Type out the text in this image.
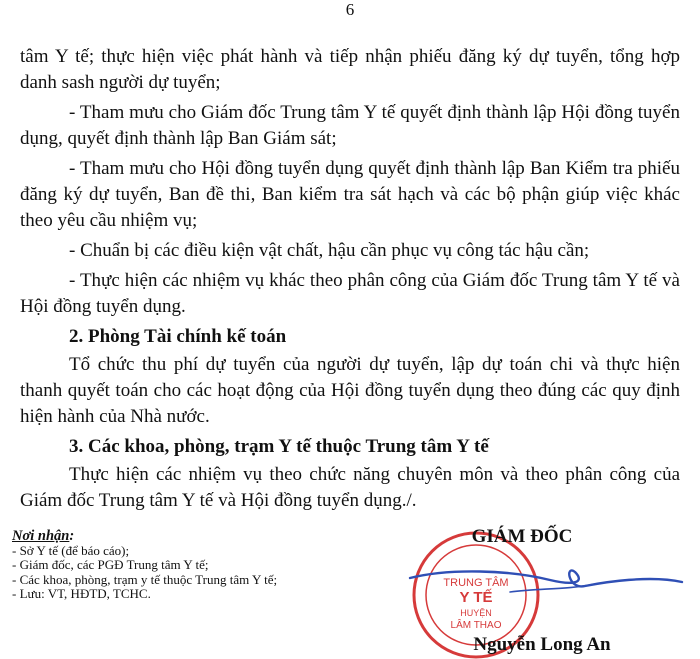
6

tâm Y tế; thực hiện việc phát hành và tiếp nhận phiếu đăng ký dự tuyển, tổng hợp danh sash người dự tuyển;

- Tham mưu cho Giám đốc Trung tâm Y tế quyết định thành lập Hội đồng tuyển dụng, quyết định thành lập Ban Giám sát;

- Tham mưu cho Hội đồng tuyển dụng quyết định thành lập Ban Kiểm tra phiếu đăng ký dự tuyển, Ban đề thi, Ban kiểm tra sát hạch và các bộ phận giúp việc khác theo yêu cầu nhiệm vụ;

- Chuẩn bị các điều kiện vật chất, hậu cần phục vụ công tác hậu cần;

- Thực hiện các nhiệm vụ khác theo phân công của Giám đốc Trung tâm Y tế và Hội đồng tuyển dụng.

2. Phòng Tài chính kế toán

Tổ chức thu phí dự tuyển của người dự tuyển, lập dự toán chi và thực hiện thanh quyết toán cho các hoạt động của Hội đồng tuyển dụng theo đúng các quy định hiện hành của Nhà nước.

3. Các khoa, phòng, trạm Y tế thuộc Trung tâm Y tế

Thực hiện các nhiệm vụ theo chức năng chuyên môn và theo phân công của Giám đốc Trung tâm Y tế và Hội đồng tuyển dụng./.

Nơi nhận:
- Sở Y tế (để báo cáo);
- Giám đốc, các PGĐ Trung tâm Y tế;
- Các khoa, phòng, trạm y tế thuộc Trung tâm Y tế;
- Lưu: VT, HĐTD, TCHC.
TRUNG TÂM
Y TẾ
HUYỆN
LÂM THAO
GIÁM ĐỐC
Nguyễn Long An
